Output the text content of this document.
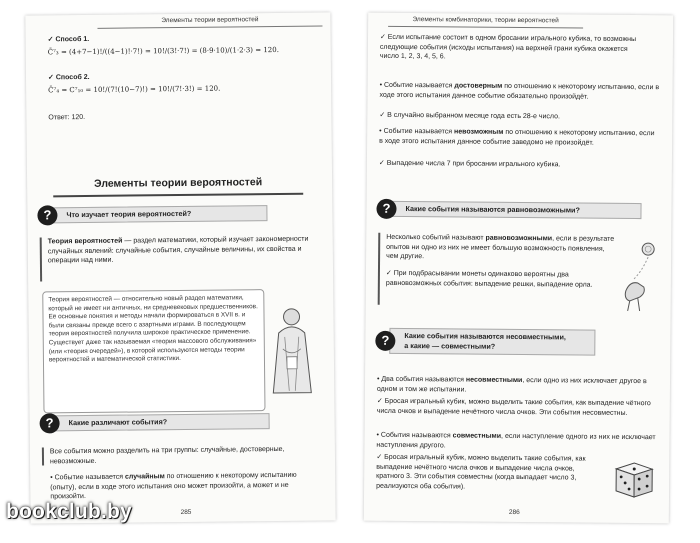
Элементы теории вероятностей
✓ Способ 1.
C̄⁷₃ = (4+7−1)!/((4−1)!·7!) = 10!/(3!·7!) = (8·9·10)/(1·2·3) = 120.
✓ Способ 2.
C̄⁷₄ = C⁷₁₀ = 10!/(7!(10−7)!) = 10!/(7!·3!) = 120.
Ответ: 120.
Элементы теории вероятностей
?	Что изучает теория вероятностей?
Теория вероятностей — раздел математики, который изучает закономерности случайных явлений: случайные события, случайные величины, их свойства и операции над ними.
Теория вероятностей — относительно новый раздел математики, который не имеет ни античных, ни средневековых предшественников. Её основные понятия и методы начали формироваться в XVII в. и были связаны прежде всего с азартными играми. В последующем теория вероятностей получила широкое практическое применение. Существует даже так называемая «теория массового обслуживания» (или «теория очередей»), в которой используются методы теории вероятностей и математической статистики.
?	Какие различают события?
Все события можно разделить на три группы: случайные, достоверные, невозможные.
• Событие называется случайным по отношению к некоторому испытанию (опыту), если в ходе этого испытания оно может произойти, а может и не произойти.
285
Элементы комбинаторики, теории вероятностей
✓ Если испытание состоит в одном бросании игрального кубика, то возможны следующие события (исходы испытания) на верхней грани кубика окажется число 1, 2, 3, 4, 5, 6.
• Событие называется достоверным по отношению к некоторому испытанию, если в ходе этого испытания данное событие обязательно произойдёт.
✓ В случайно выбранном месяце года есть 28-е число.
• Событие называется невозможным по отношению к некоторому испытанию, если в ходе этого испытания данное событие заведомо не произойдёт.
✓ Выпадение числа 7 при бросании игрального кубика.
?	Какие события называются равновозможными?
Несколько событий называют равновозможными, если в результате опытов ни одно из них не имеет большую возможность появления, чем другие.
✓ При подбрасывании монеты одинаково вероятны два равновозможных события: выпадение решки, выпадение орла.
?	Какие события называются несовместными,
а какие — совместными?
• Два события называются несовместными, если одно из них исключает другое в одном и том же испытании.
✓ Бросая игральный кубик, можно выделить такие события, как выпадение чётного числа очков и выпадение нечётного числа очков. Эти события несовместны.
• События называются совместными, если наступление одного из них не исключает наступления другого.
✓ Бросая игральный кубик, можно выделить такие события, как выпадение нечётного числа очков и выпадение числа очков, кратного 3. Эти события совместны (когда выпадает число 3, реализуются оба события).
286
bookclub.by
